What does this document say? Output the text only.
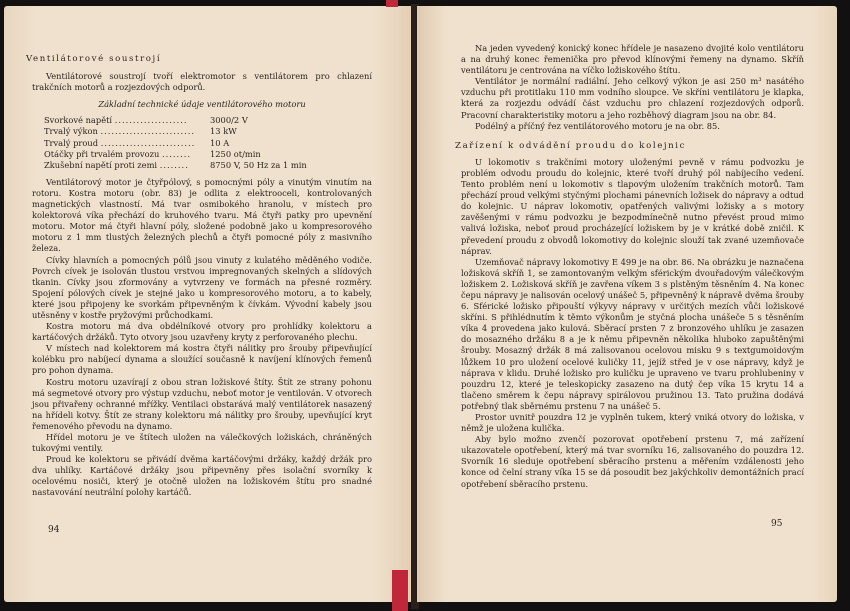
Ventilátorové soustrojí

Ventilátorové soustrojí tvoří elektromotor s ventilátorem pro chlazení trakčních motorů a rozjezdových odporů.

Základní technické údaje ventilátorového motoru

Svorkové napětí ....................	3000/2 V
Trvalý výkon ..........................	13 kW
Trvalý proud ..........................	10 A
Otáčky při trvalém provozu ........	1250 ot/min
Zkušební napětí proti zemi ........	8750 V, 50 Hz za 1 min

Ventilátorový motor je čtyřpólový, s pomocnými póly a vinutým vinutím na rotoru. Kostra motoru (obr. 83) je odlita z elektrooceli, kontrolovaných magnetických vlastností. Má tvar osmibokého hranolu, v místech pro kolektorová víka přechází do kruhového tvaru. Má čtyři patky pro upevnění motoru. Motor má čtyři hlavní póly, složené podobně jako u kompresorového motoru z 1 mm tlustých železných plechů a čtyři pomocné póly z masivního železa.

Cívky hlavních a pomocných pólů jsou vinuty z kulatého měděného vodiče. Povrch cívek je isolován tlustou vrstvou impregnovaných skelných a slídových tkanin. Cívky jsou zformovány a vytvrzeny ve formách na přesné rozměry. Spojení pólových cívek je stejné jako u kompresorového motoru, a to kabely, které jsou připojeny ke svorkám připevněným k čívkám. Vývodní kabely jsou utěsněny v kostře pryžovými průchodkami.

Kostra motoru má dva obdélníkové otvory pro prohlídky kolektoru a kartáčových držáků. Tyto otvory jsou uzavřeny kryty z perforovaného plechu.

V místech nad kolektorem má kostra čtyři nálitky pro šrouby připevňující kolébku pro nabíjecí dynama a sloužící současně k navíjení klínových řemenů pro pohon dynama.

Kostru motoru uzavírají z obou stran ložiskové štíty. Štít ze strany pohonu má segmetové otvory pro výstup vzduchu, neboť motor je ventilován. V otvorech jsou přivařeny ochranné mřížky. Ventilaci obstarává malý ventilátorek nasazený na hřídeli kotvy. Štít ze strany kolektoru má nálitky pro šrouby, upevňující kryt řemenového převodu na dynamo.

Hřídel motoru je ve štítech uložen na válečkových ložiskách, chráněných tukovými ventily.

Proud ke kolektoru se přivádí dvěma kartáčovými držáky, každý držák pro dva uhlíky. Kartáčové držáky jsou připevněny přes isolační svorníky k ocelovému nosiči, který je otočně uložen na ložiskovém štítu pro snadné nastavování neutrální polohy kartáčů.

94

Na jeden vyvedený konický konec hřídele je nasazeno dvojité kolo ventilátoru a na druhý konec řemenička pro převod klínovými řemeny na dynamo. Skříň ventilátoru je centrována na víčko ložiskového štítu.

Ventilátor je normální radiální. Jeho celkový výkon je asi 250 m³ nasátého vzduchu při protitlaku 110 mm vodního sloupce. Ve skříni ventilátoru je klapka, která za rozjezdu odvádí část vzduchu pro chlazení rozjezdových odporů. Pracovní charakteristiky motoru a jeho rozběhový diagram jsou na obr. 84.

Podélný a příčný řez ventilátorového motoru je na obr. 85.

Zařízení k odvádění proudu do kolejnic

U lokomotiv s trakčními motory uloženými pevně v rámu podvozku je problém odvodu proudu do kolejnic, které tvoří druhý pól nabíjecího vedení. Tento problém není u lokomotiv s tlapovým uložením trakčních motorů. Tam přechází proud velkými styčnými plochami pánevních ložisek do nápravy a odtud do kolejnic. U náprav lokomotiv, opatřených valivými ložisky a s motory zavěšenými v rámu podvozku je bezpodmínečně nutno převést proud mimo valivá ložiska, neboť proud procházející ložiskem by je v krátké době zničil. K převedení proudu z obvodů lokomotivy do kolejnic slouží tak zvané uzemňovače náprav.

Uzemňovač nápravy lokomotivy E 499 je na obr. 86. Na obrázku je naznačena ložisková skříň 1, se zamontovaným velkým sférickým dvouřadovým válečkovým ložiskem 2. Ložisková skříň je zavřena víkem 3 s plstěným těsněním 4. Na konec čepu nápravy je nalisován ocelový unášeč 5, připevněný k nápravě dvěma šrouby 6. Sférické ložisko připouští výkyvy nápravy v určitých mezích vůči ložiskové skříni. S přihlédnutím k těmto výkonům je styčná plocha unášeče 5 s těsněním víka 4 provedena jako kulová. Sběrací prsten 7 z bronzového uhlíku je zasazen do mosazného držáku 8 a je k němu připevněn několika hluboko zapuštěnými šrouby. Mosazný držák 8 má zalisovanou ocelovou misku 9 s textgumoidovým lůžkem 10 pro uložení ocelové kuličky 11, jejíž střed je v ose nápravy, když je náprava v klidu. Druhé ložisko pro kuličku je upraveno ve tvaru prohlubeniny v pouzdru 12, které je teleskopicky zasazeno na dutý čep víka 15 krytu 14 a tlačeno směrem k čepu nápravy spirálovou pružinou 13. Tato pružina dodává potřebný tlak sběrnému prstenu 7 na unášeč 5.

Prostor uvnitř pouzdra 12 je vyplněn tukem, který vniká otvory do ložiska, v němž je uložena kulička.

Aby bylo možno zvenčí pozorovat opotřebení prstenu 7, má zařízení ukazovatele opotřebení, který má tvar svorníku 16, zalisovaného do pouzdra 12. Svorník 16 sleduje opotřebení sběracího prstenu a měřením vzdálenosti jeho konce od čelní strany víka 15 se dá posoudit bez jakýchkoliv demontážních prací opotřebení sběracího prstenu.

95
